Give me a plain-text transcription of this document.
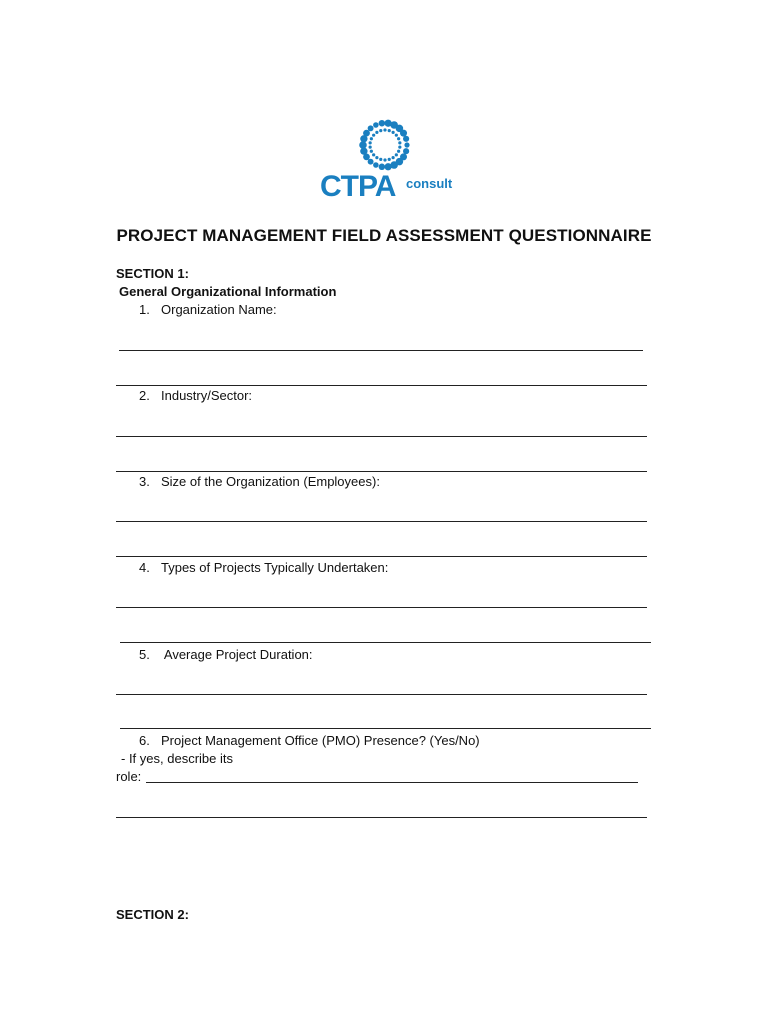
CTPA consult
PROJECT MANAGEMENT FIELD ASSESSMENT QUESTIONNAIRE
SECTION 1:
General Organizational Information
1. Organization Name:
2. Industry/Sector:
3. Size of the Organization (Employees):
4. Types of Projects Typically Undertaken:
5. Average Project Duration:
6. Project Management Office (PMO) Presence? (Yes/No)
- If yes, describe its
role:
SECTION 2:
